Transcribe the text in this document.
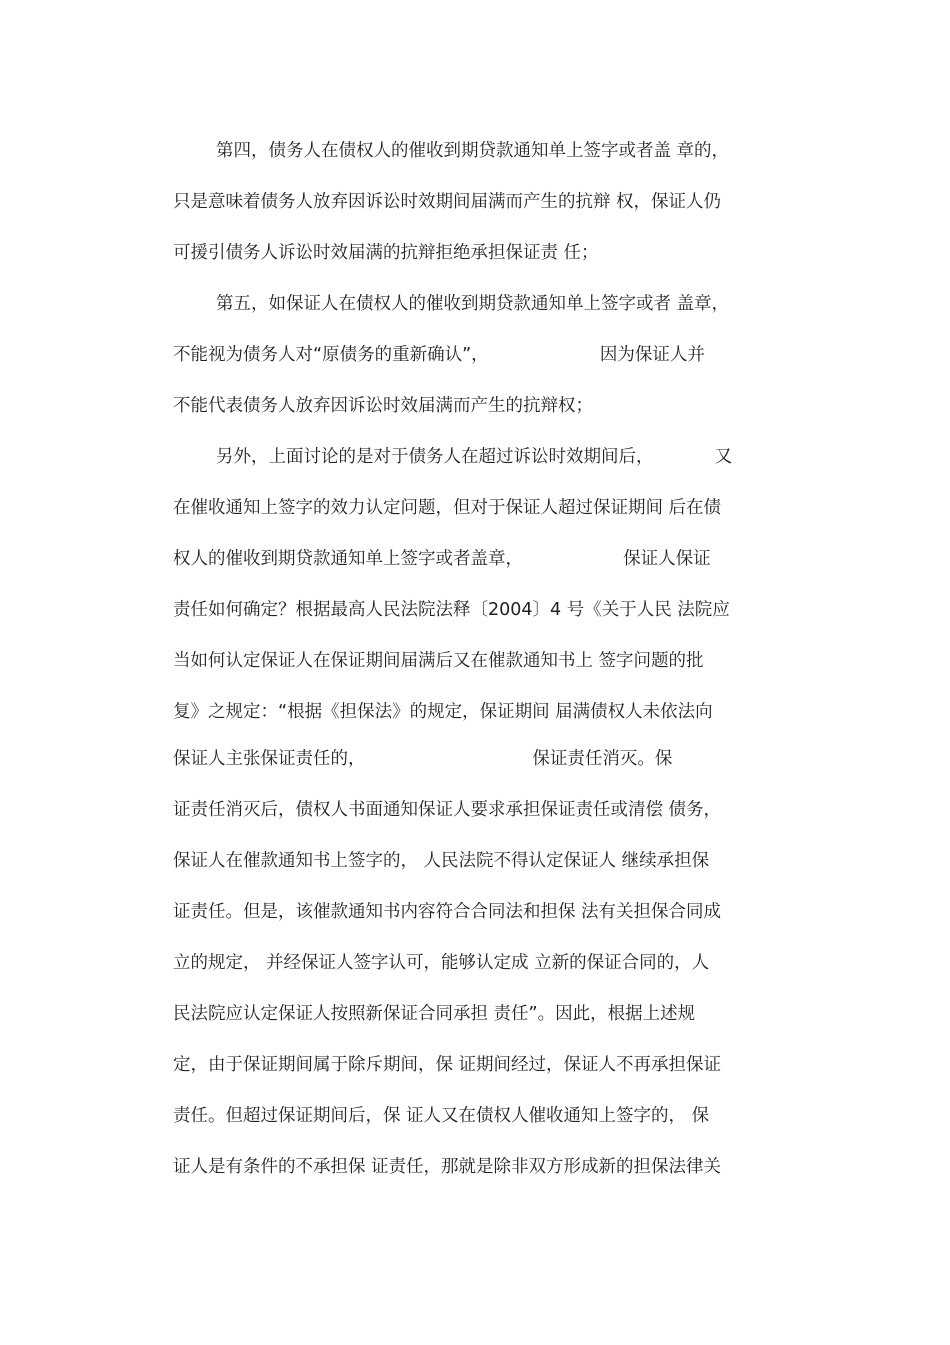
第四，债务人在债权人的催收到期贷款通知单上签字或者盖 章的，
只是意味着债务人放弃因诉讼时效期间届满而产生的抗辩 权，保证人仍
可援引债务人诉讼时效届满的抗辩拒绝承担保证责 任；
第五，如保证人在债权人的催收到期贷款通知单上签字或者 盖章，
不能视为债务人对“原债务的重新确认”，                    因为保证人并
不能代表债务人放弃因诉讼时效届满而产生的抗辩权；
另外，上面讨论的是对于债务人在超过诉讼时效期间后，           又
在催收通知上签字的效力认定问题，但对于保证人超过保证期间 后在债
权人的催收到期贷款通知单上签字或者盖章，                  保证人保证
责任如何确定？根据最高人民法院法释〔2004〕4 号《关于人民 法院应
当如何认定保证人在保证期间届满后又在催款通知书上 签字问题的批
复》之规定：“根据《担保法》的规定，保证期间 届满债权人未依法向
保证人主张保证责任的，                              保证责任消灭。保
证责任消灭后，债权人书面通知保证人要求承担保证责任或清偿 债务，
保证人在催款通知书上签字的， 人民法院不得认定保证人 继续承担保
证责任。但是，该催款通知书内容符合合同法和担保 法有关担保合同成
立的规定， 并经保证人签字认可，能够认定成 立新的保证合同的，人
民法院应认定保证人按照新保证合同承担 责任”。因此，根据上述规
定，由于保证期间属于除斥期间，保 证期间经过，保证人不再承担保证
责任。但超过保证期间后，保 证人又在债权人催收通知上签字的， 保
证人是有条件的不承担保 证责任，那就是除非双方形成新的担保法律关
